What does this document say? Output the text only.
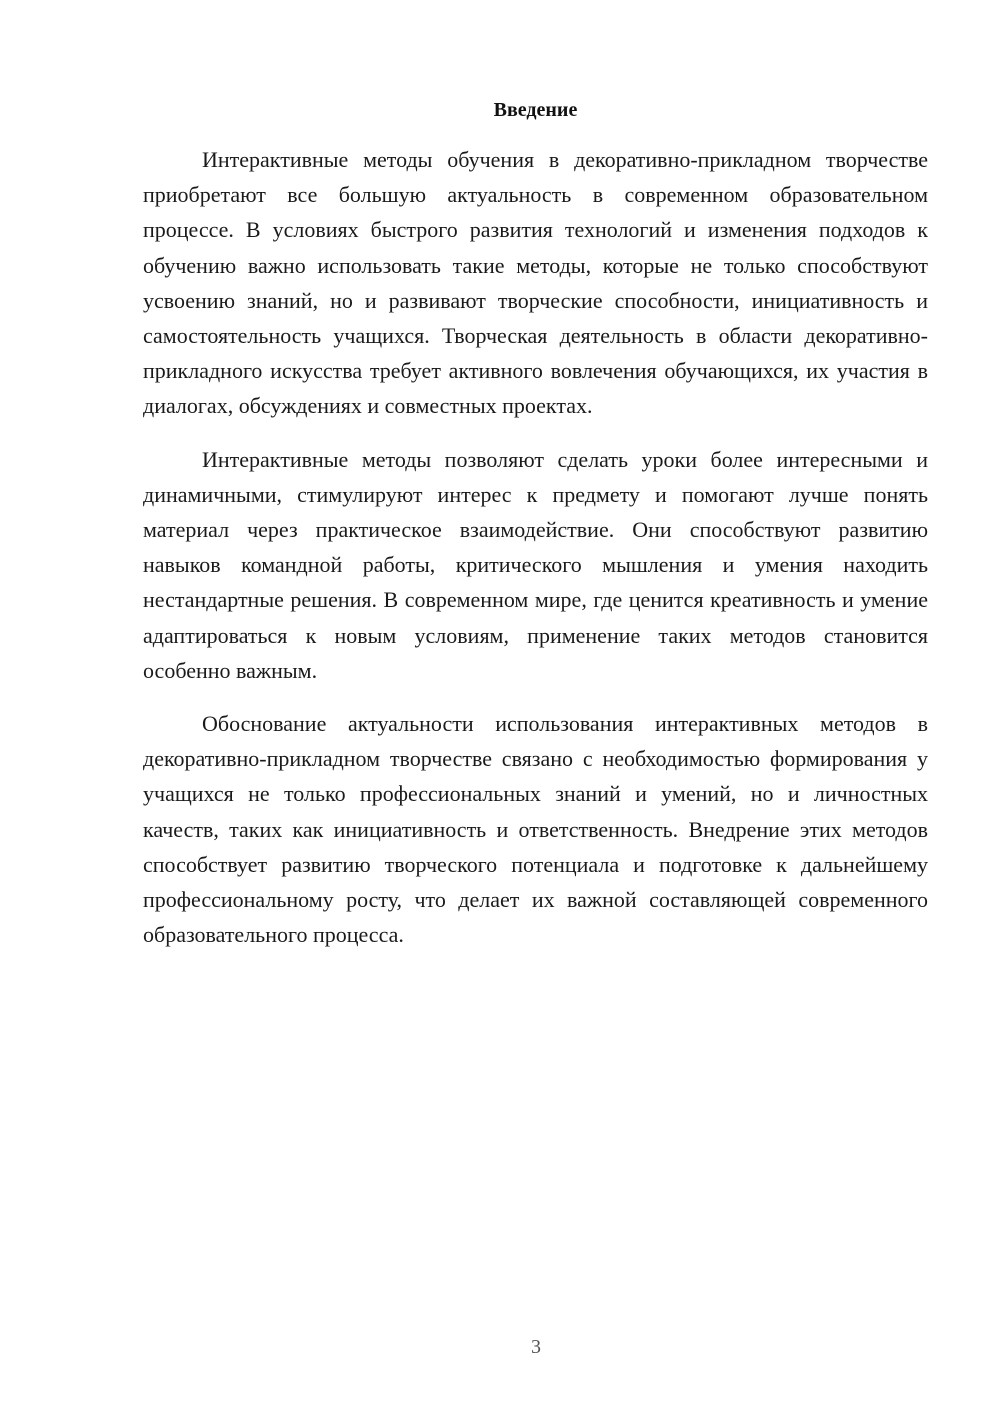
Введение

Интерактивные методы обучения в декоративно-прикладном творчестве приобретают все большую актуальность в современном образовательном процессе. В условиях быстрого развития технологий и изменения подходов к обучению важно использовать такие методы, которые не только способствуют усвоению знаний, но и развивают творческие способности, инициативность и самостоятельность учащихся. Творческая деятельность в области декоративно-прикладного искусства требует активного вовлечения обучающихся, их участия в диалогах, обсуждениях и совместных проектах.

Интерактивные методы позволяют сделать уроки более интересными и динамичными, стимулируют интерес к предмету и помогают лучше понять материал через практическое взаимодействие. Они способствуют развитию навыков командной работы, критического мышления и умения находить нестандартные решения. В современном мире, где ценится креативность и умение адаптироваться к новым условиям, применение таких методов становится особенно важным.

Обоснование актуальности использования интерактивных методов в декоративно-прикладном творчестве связано с необходимостью формирования у учащихся не только профессиональных знаний и умений, но и личностных качеств, таких как инициативность и ответственность. Внедрение этих методов способствует развитию творческого потенциала и подготовке к дальнейшему профессиональному росту, что делает их важной составляющей современного образовательного процесса.

3
